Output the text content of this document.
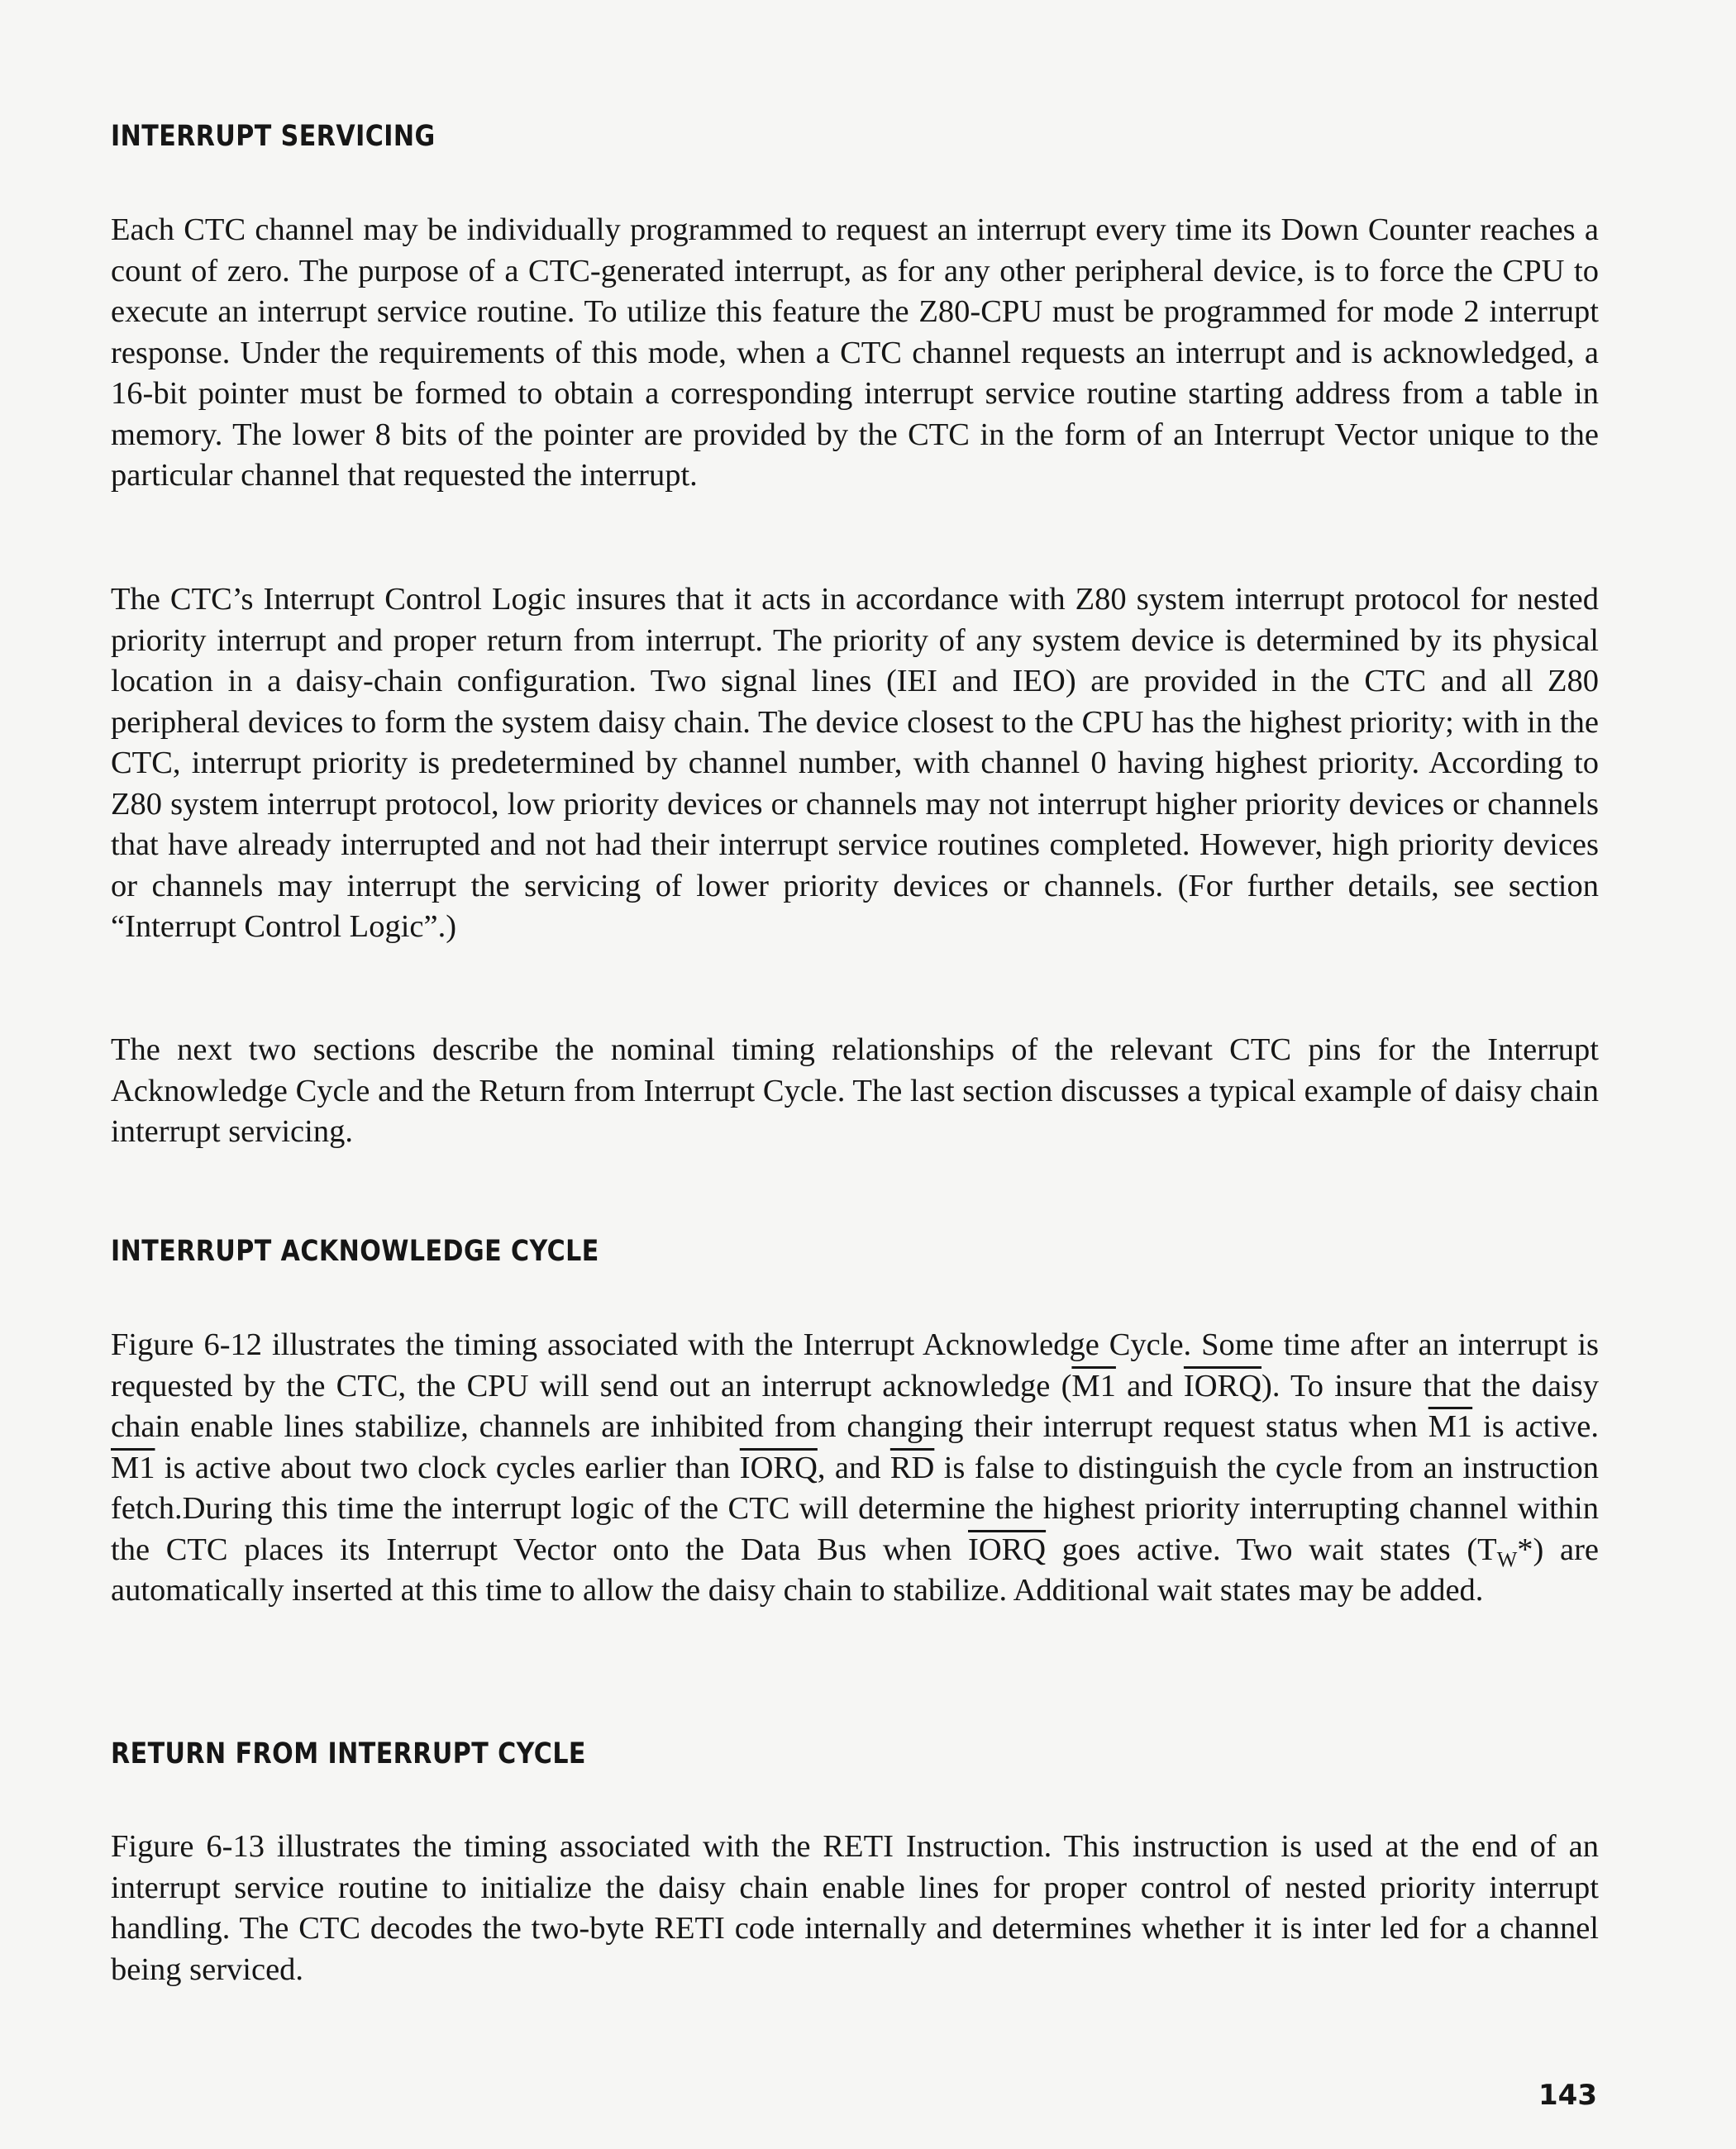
INTERRUPT SERVICING

Each CTC channel may be individually programmed to request an interrupt every time its Down Counter reaches a count of zero. The purpose of a CTC-generated interrupt, as for any other peripheral device, is to force the CPU to execute an interrupt service routine. To utilize this feature the Z80-CPU must be programmed for mode 2 interrupt response. Under the requirements of this mode, when a CTC channel requests an interrupt and is acknowledged, a 16-bit pointer must be formed to obtain a corresponding interrupt service routine starting address from a table in memory. The lower 8 bits of the pointer are provided by the CTC in the form of an Interrupt Vector unique to the particular channel that requested the interrupt.

The CTC’s Interrupt Control Logic insures that it acts in accordance with Z80 system interrupt protocol for nested priority interrupt and proper return from interrupt. The priority of any system device is determined by its physical location in a daisy-chain configuration. Two signal lines (IEI and IEO) are provided in the CTC and all Z80 peripheral devices to form the system daisy chain. The device closest to the CPU has the highest priority; with in the CTC, interrupt priority is predetermined by channel number, with channel 0 having highest priority. According to Z80 system interrupt protocol, low priority devices or channels may not interrupt higher priority devices or channels that have already interrupted and not had their interrupt service routines completed. However, high priority devices or channels may interrupt the servicing of lower priority devices or channels. (For further details, see section “Interrupt Control Logic”.)

The next two sections describe the nominal timing relationships of the relevant CTC pins for the Interrupt Acknowledge Cycle and the Return from Interrupt Cycle. The last section discusses a typical example of daisy chain interrupt servicing.

INTERRUPT ACKNOWLEDGE CYCLE

Figure 6-12 illustrates the timing associated with the Interrupt Acknowledge Cycle. Some time after an interrupt is requested by the CTC, the CPU will send out an interrupt acknowledge (M1 and IORQ). To insure that the daisy chain enable lines stabilize, channels are inhibited from changing their interrupt request status when M1 is active. M1 is active about two clock cycles earlier than IORQ, and $\overline{RD}$ is false to distinguish the cycle from an instruction fetch.During this time the interrupt logic of the CTC will determine the highest priority interrupting channel within the CTC places its Interrupt Vector onto the Data Bus when IORQ goes active. Two wait states $(T_W*)$ are automatically inserted at this time to allow the daisy chain to stabilize. Additional wait states may be added.

RETURN FROM INTERRUPT CYCLE

Figure 6-13 illustrates the timing associated with the RETI Instruction. This instruction is used at the end of an interrupt service routine to initialize the daisy chain enable lines for proper control of nested priority interrupt handling. The CTC decodes the two-byte RETI code internally and determines whether it is inter led for a channel being serviced.

143
